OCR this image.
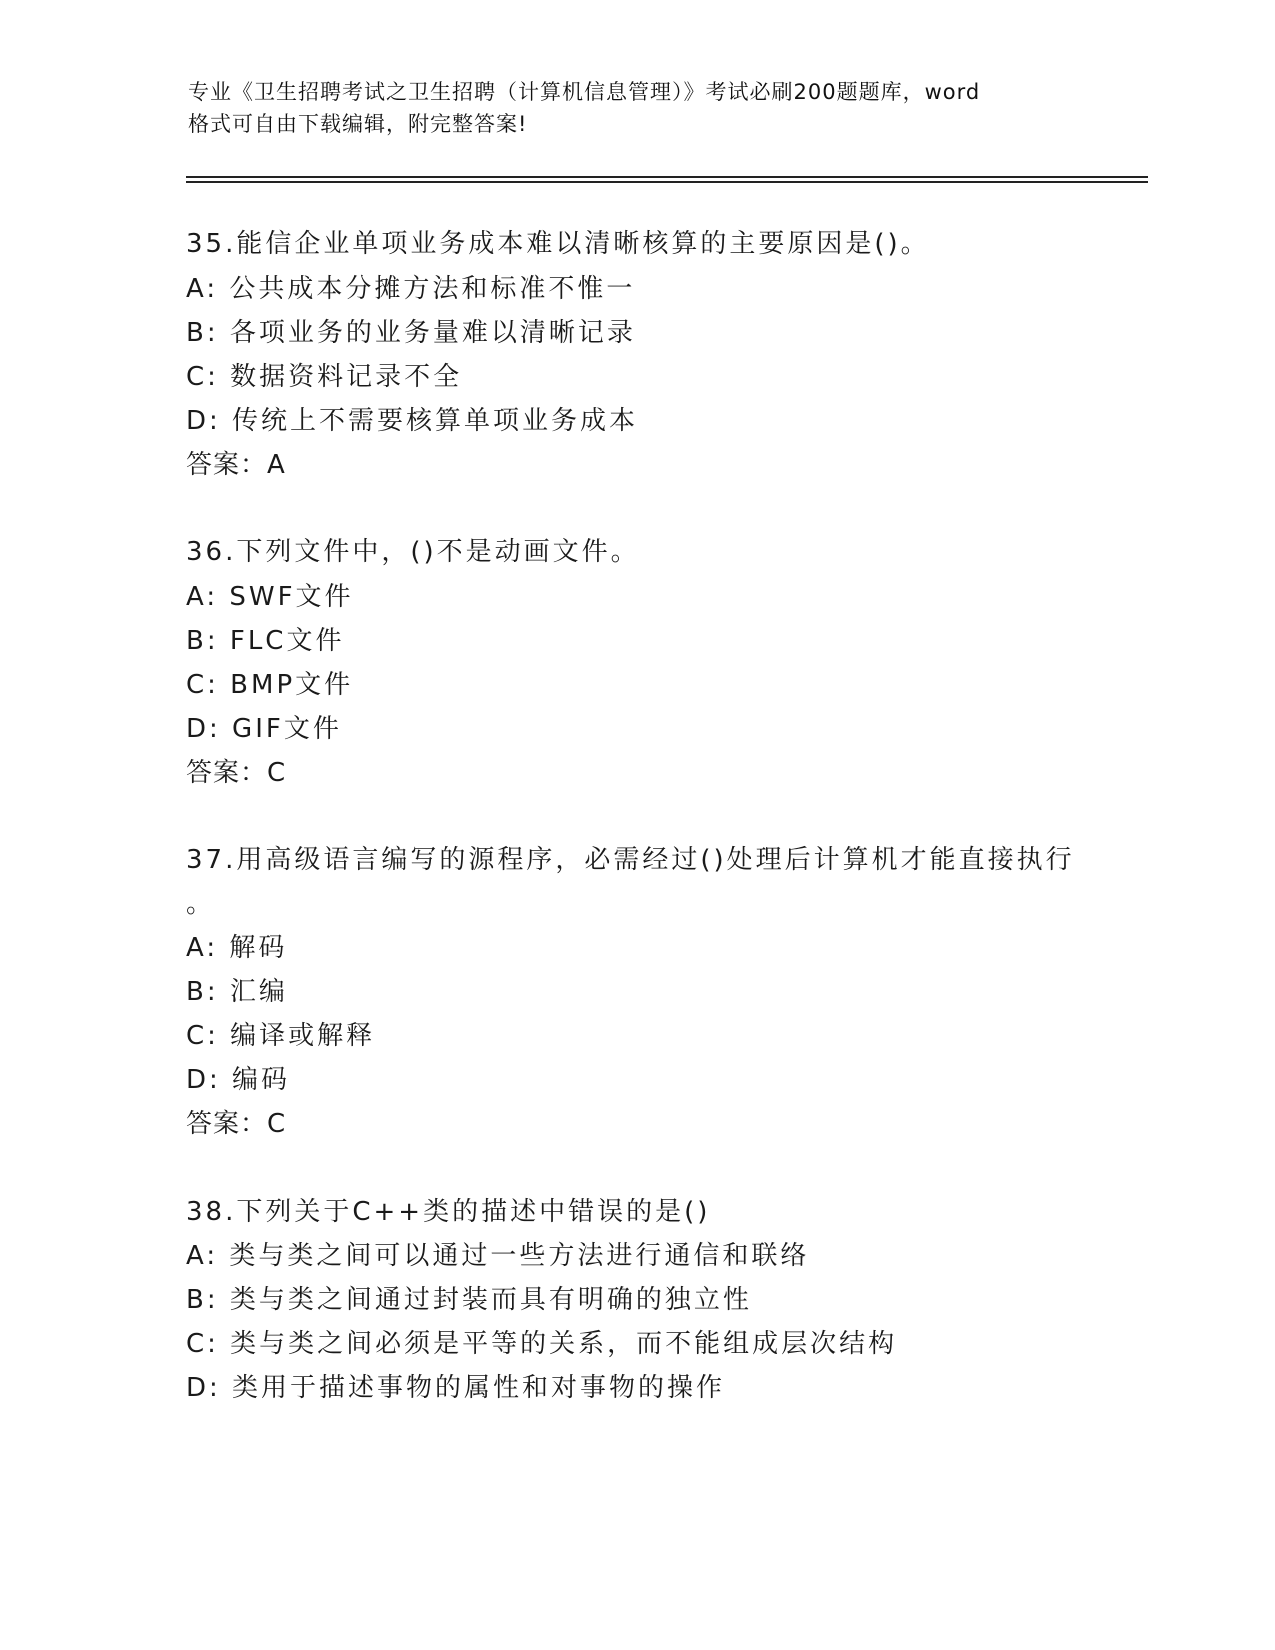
专业《卫生招聘考试之卫生招聘（计算机信息管理）》考试必刷200题题库，word
格式可自由下载编辑，附完整答案!
35.能信企业单项业务成本难以清晰核算的主要原因是()。
A: 公共成本分摊方法和标准不惟一
B: 各项业务的业务量难以清晰记录
C: 数据资料记录不全
D: 传统上不需要核算单项业务成本
答案：A
36.下列文件中，()不是动画文件。
A: SWF文件
B: FLC文件
C: BMP文件
D: GIF文件
答案：C
37.用高级语言编写的源程序，必需经过()处理后计算机才能直接执行
。
A: 解码
B: 汇编
C: 编译或解释
D: 编码
答案：C
38.下列关于C++类的描述中错误的是()
A: 类与类之间可以通过一些方法进行通信和联络
B: 类与类之间通过封装而具有明确的独立性
C: 类与类之间必须是平等的关系，而不能组成层次结构
D: 类用于描述事物的属性和对事物的操作
